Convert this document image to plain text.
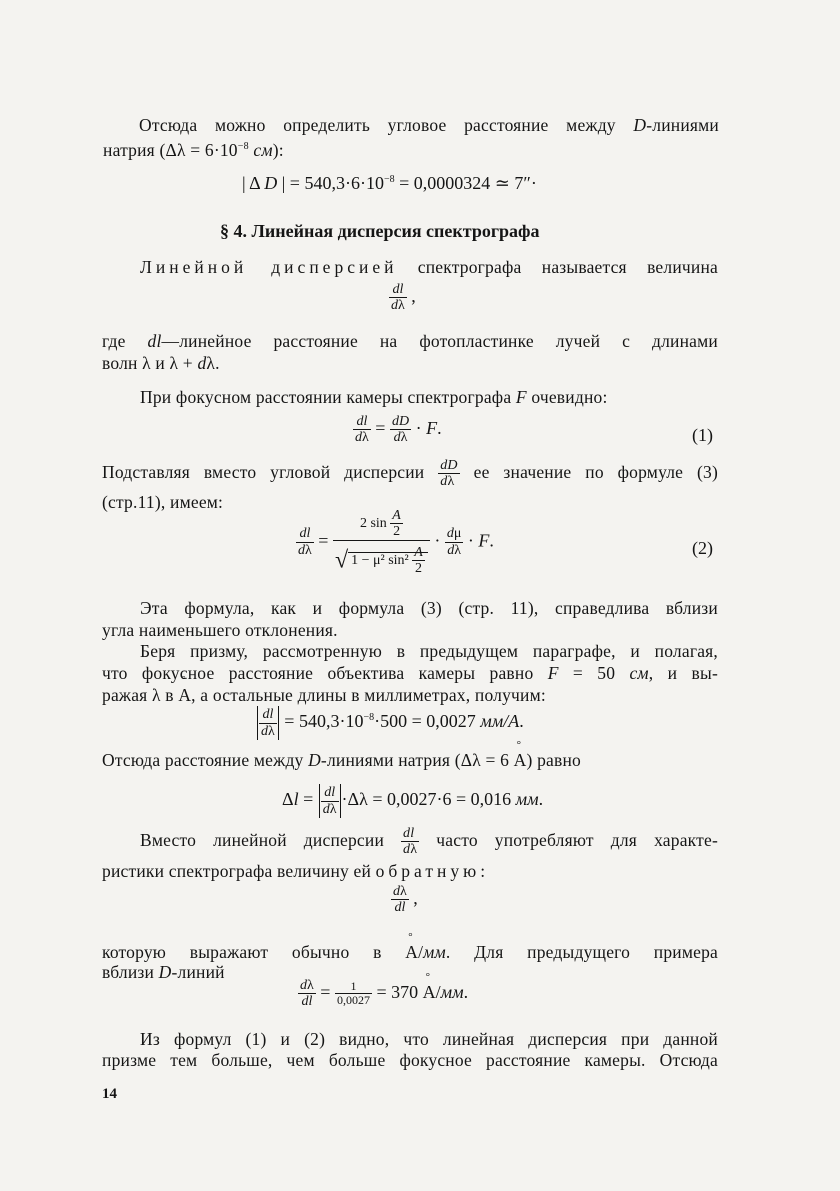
Отсюда можно определить угловое расстояние между D-линиями
натрия ($\Delta\lambda = 6\cdot 10^{-8}$ см):
| Δ D | = $540,3\cdot 6\cdot 10^{-8} = 0,0000324$ ≃ 7″·
§ 4. Линейная дисперсия спектрографа
Линейной дисперсией спектрографа называется величина
$\frac{dl}{d\lambda}$ ,
где dl—линейное расстояние на фотопластинке лучей с длинами
волн λ и λ + dλ.
При фокусном расстоянии камеры спектрографа F очевидно:
$\frac{dl}{d\lambda} = \frac{dD}{d\lambda} \cdot F$.	(1)
Подставляя вместо угловой дисперсии $\frac{dD}{d\lambda}$ ее значение по формуле (3)
(стр.11), имеем:
$\frac{dl}{d\lambda} = \frac{2 \sin \frac{A}{2}}{√ 1 - \mu^2 \sin^2 \frac{A}{2}} \cdot \frac{d\mu}{d\lambda} \cdot F$.	(2)
Эта формула, как и формула (3) (стр. 11), справедлива вблизи
угла наименьшего отклонения.
Беря призму, рассмотренную в предыдущем параграфе, и полагая,
что фокусное расстояние объектива камеры равно F = 50 см, и вы-
ражая λ в ° A, а остальные длины в миллиметрах, получим:
$\frac{dl}{d\lambda} = 540,3\cdot 10^{-8}\cdot 500 = 0,0027$ мм/А.
Отсюда расстояние между D-линиями натрия (Δλ = 6 ° A) равно
$\Delta l = \frac{dl}{d\lambda} \cdot\Delta\lambda = 0,0027\cdot 6 = 0,016$ мм.
Вместо линейной дисперсии $\frac{dl}{d\lambda}$ часто употребляют для характе-
ристики спектрографа величину ей обратную:
$\frac{d\lambda}{dl}$ ,
которую выражают обычно в ° A/мм. Для предыдущего примера
вблизи D-линий
$\frac{d\lambda}{dl} = \frac{1}{0,0027} = 370$ ° A/мм.
Из формул (1) и (2) видно, что линейная дисперсия при данной
призме тем больше, чем больше фокусное расстояние камеры. Отсюда
14
